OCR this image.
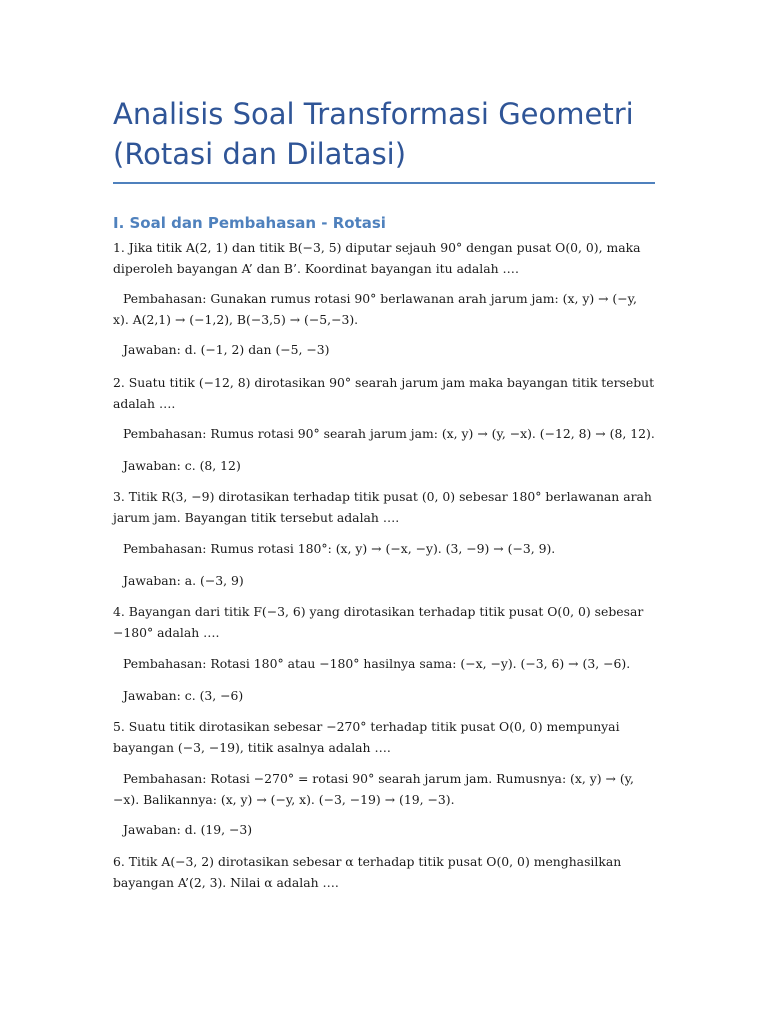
Analisis Soal Transformasi Geometri
(Rotasi dan Dilatasi)
I. Soal dan Pembahasan - Rotasi

1. Jika titik A(2, 1) dan titik B(−3, 5) diputar sejauh 90° dengan pusat O(0, 0), maka diperoleh bayangan A’ dan B’. Koordinat bayangan itu adalah ….

Pembahasan: Gunakan rumus rotasi 90° berlawanan arah jarum jam: (x, y) → (−y, x). A(2,1) → (−1,2), B(−3,5) → (−5,−3).

Jawaban: d. (−1, 2) dan (−5, −3)

2. Suatu titik (−12, 8) dirotasikan 90° searah jarum jam maka bayangan titik tersebut adalah ….

Pembahasan: Rumus rotasi 90° searah jarum jam: (x, y) → (y, −x). (−12, 8) → (8, 12).

Jawaban: c. (8, 12)

3. Titik R(3, −9) dirotasikan terhadap titik pusat (0, 0) sebesar 180° berlawanan arah jarum jam. Bayangan titik tersebut adalah ….

Pembahasan: Rumus rotasi 180°: (x, y) → (−x, −y). (3, −9) → (−3, 9).

Jawaban: a. (−3, 9)

4. Bayangan dari titik F(−3, 6) yang dirotasikan terhadap titik pusat O(0, 0) sebesar −180° adalah ….

Pembahasan: Rotasi 180° atau −180° hasilnya sama: (−x, −y). (−3, 6) → (3, −6).

Jawaban: c. (3, −6)

5. Suatu titik dirotasikan sebesar −270° terhadap titik pusat O(0, 0) mempunyai bayangan (−3, −19), titik asalnya adalah ….

Pembahasan: Rotasi −270° = rotasi 90° searah jarum jam. Rumusnya: (x, y) → (y, −x). Balikannya: (x, y) → (−y, x). (−3, −19) → (19, −3).

Jawaban: d. (19, −3)

6. Titik A(−3, 2) dirotasikan sebesar α terhadap titik pusat O(0, 0) menghasilkan bayangan A’(2, 3). Nilai α adalah ….
